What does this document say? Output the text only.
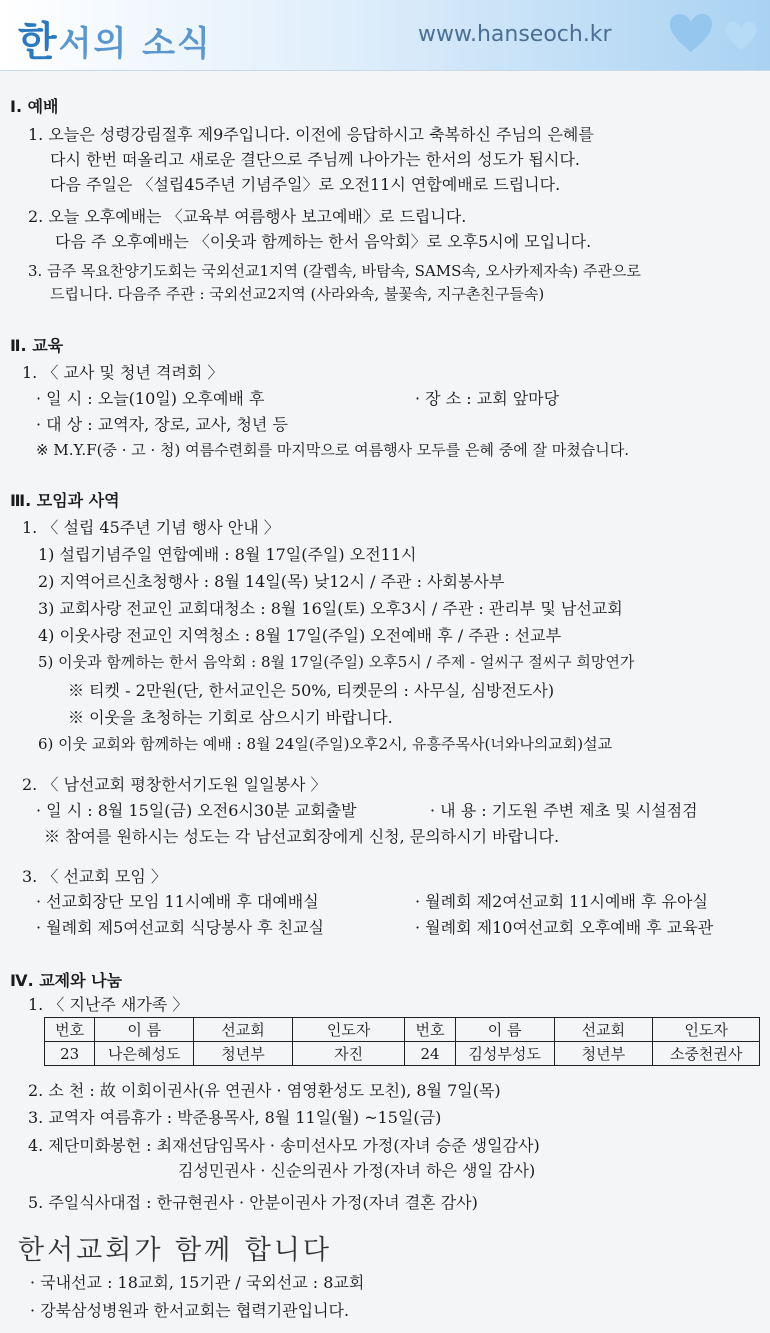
한서의 소식	www.hanseoch.kr
Ⅰ. 예배
1. 오늘은 성령강림절후 제9주입니다. 이전에 응답하시고 축복하신 주님의 은혜를
다시 한번 떠올리고 새로운 결단으로 주님께 나아가는 한서의 성도가 됩시다.
다음 주일은 〈설립45주년 기념주일〉로 오전11시 연합예배로 드립니다.
2. 오늘 오후예배는 〈교육부 여름행사 보고예배〉로 드립니다.
다음 주 오후예배는 〈이웃과 함께하는 한서 음악회〉로 오후5시에 모입니다.
3. 금주 목요찬양기도회는 국외선교1지역 (갈렙속, 바탐속, SAMS속, 오사카제자속) 주관으로
드립니다. 다음주 주관 : 국외선교2지역 (사라와속, 불꽃속, 지구촌친구들속)
Ⅱ. 교육
1. 〈 교사 및 청년 격려회 〉
· 일 시 : 오늘(10일) 오후예배 후	· 장 소 : 교회 앞마당
· 대 상 : 교역자, 장로, 교사, 청년 등
※ M.Y.F(중 · 고 · 청) 여름수련회를 마지막으로 여름행사 모두를 은혜 중에 잘 마쳤습니다.
Ⅲ. 모임과 사역
1. 〈 설립 45주년 기념 행사 안내 〉
1) 설립기념주일 연합예배 : 8월 17일(주일) 오전11시
2) 지역어르신초청행사 : 8월 14일(목) 낮12시 / 주관 : 사회봉사부
3) 교회사랑 전교인 교회대청소 : 8월 16일(토) 오후3시 / 주관 : 관리부 및 남선교회
4) 이웃사랑 전교인 지역청소 : 8월 17일(주일) 오전예배 후 / 주관 : 선교부
5) 이웃과 함께하는 한서 음악회 : 8월 17일(주일) 오후5시 / 주제 - 얼씨구 절씨구 희망연가
※ 티켓 - 2만원(단, 한서교인은 50%, 티켓문의 : 사무실, 심방전도사)
※ 이웃을 초청하는 기회로 삼으시기 바랍니다.
6) 이웃 교회와 함께하는 예배 : 8월 24일(주일)오후2시, 유흥주목사(너와나의교회)설교
2. 〈 남선교회 평창한서기도원 일일봉사 〉
· 일 시 : 8월 15일(금) 오전6시30분 교회출발	· 내 용 : 기도원 주변 제초 및 시설점검
※ 참여를 원하시는 성도는 각 남선교회장에게 신청, 문의하시기 바랍니다.
3. 〈 선교회 모임 〉
· 선교회장단 모임 11시예배 후 대예배실	· 월례회 제2여선교회 11시예배 후 유아실
· 월례회 제5여선교회 식당봉사 후 친교실	· 월례회 제10여선교회 오후예배 후 교육관
Ⅳ. 교제와 나눔
1. 〈 지난주 새가족 〉
번호	이 름	선교회	인도자	번호	이 름	선교회	인도자
23	나은혜성도	청년부	자진	24	김성부성도	청년부	소중천권사
2. 소 천 : 故 이회이권사(유 연권사 · 염영환성도 모친), 8월 7일(목)
3. 교역자 여름휴가 : 박준용목사, 8월 11일(월) ~15일(금)
4. 제단미화봉헌 : 최재선담임목사 · 송미선사모 가정(자녀 승준 생일감사)
김성민권사 · 신순의권사 가정(자녀 하은 생일 감사)
5. 주일식사대접 : 한규현권사 · 안분이권사 가정(자녀 결혼 감사)
한서교회가 함께 합니다
· 국내선교 : 18교회, 15기관 / 국외선교 : 8교회
· 강북삼성병원과 한서교회는 협력기관입니다.
